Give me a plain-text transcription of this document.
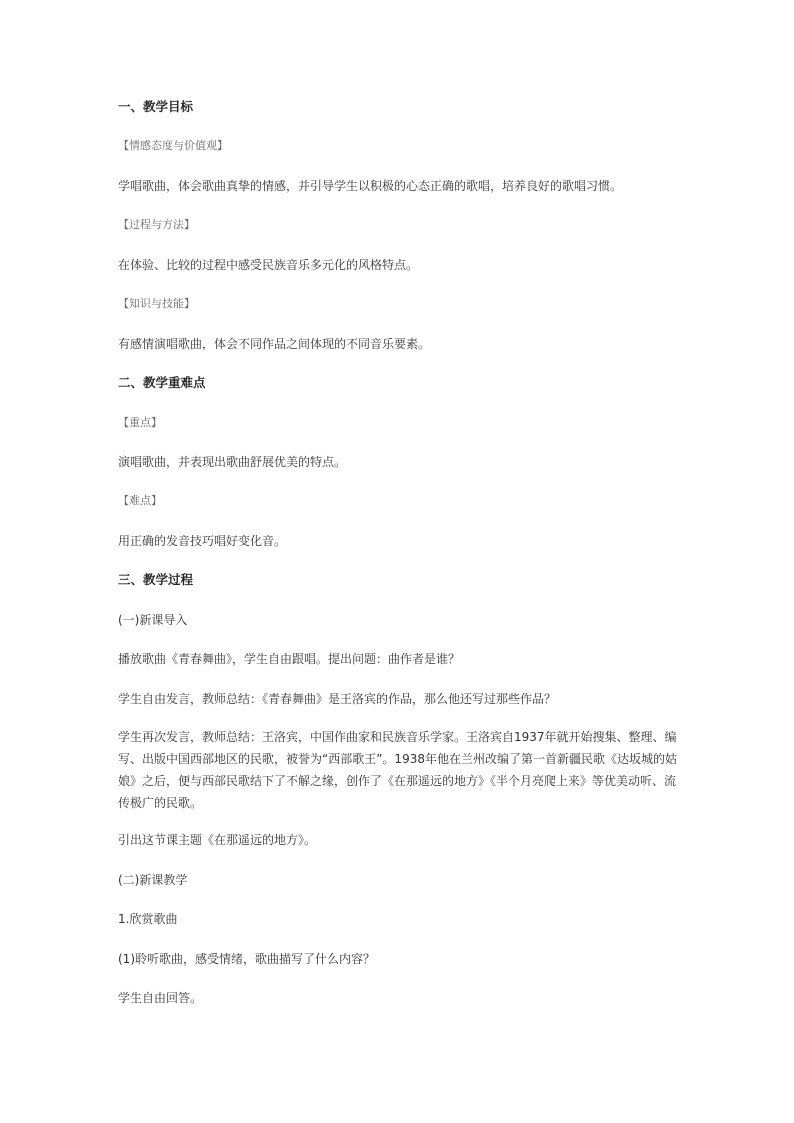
一、教学目标
【情感态度与价值观】
学唱歌曲，体会歌曲真挚的情感，并引导学生以积极的心态正确的歌唱，培养良好的歌唱习惯。
【过程与方法】
在体验、比较的过程中感受民族音乐多元化的风格特点。
【知识与技能】
有感情演唱歌曲，体会不同作品之间体现的不同音乐要素。
二、教学重难点
【重点】
演唱歌曲，并表现出歌曲舒展优美的特点。
【难点】
用正确的发音技巧唱好变化音。
三、教学过程
(一)新课导入
播放歌曲《青春舞曲》，学生自由跟唱。提出问题：曲作者是谁？
学生自由发言，教师总结：《青春舞曲》是王洛宾的作品，那么他还写过那些作品？
学生再次发言，教师总结：王洛宾，中国作曲家和民族音乐学家。王洛宾自1937年就开始搜集、整理、编写、出版中国西部地区的民歌，被誉为“西部歌王”。1938年他在兰州改编了第一首新疆民歌《达坂城的姑娘》之后，便与西部民歌结下了不解之缘，创作了《在那遥远的地方》《半个月亮爬上来》等优美动听、流传极广的民歌。
引出这节课主题《在那遥远的地方》。
(二)新课教学
1.欣赏歌曲
(1)聆听歌曲，感受情绪，歌曲描写了什么内容？
学生自由回答。
